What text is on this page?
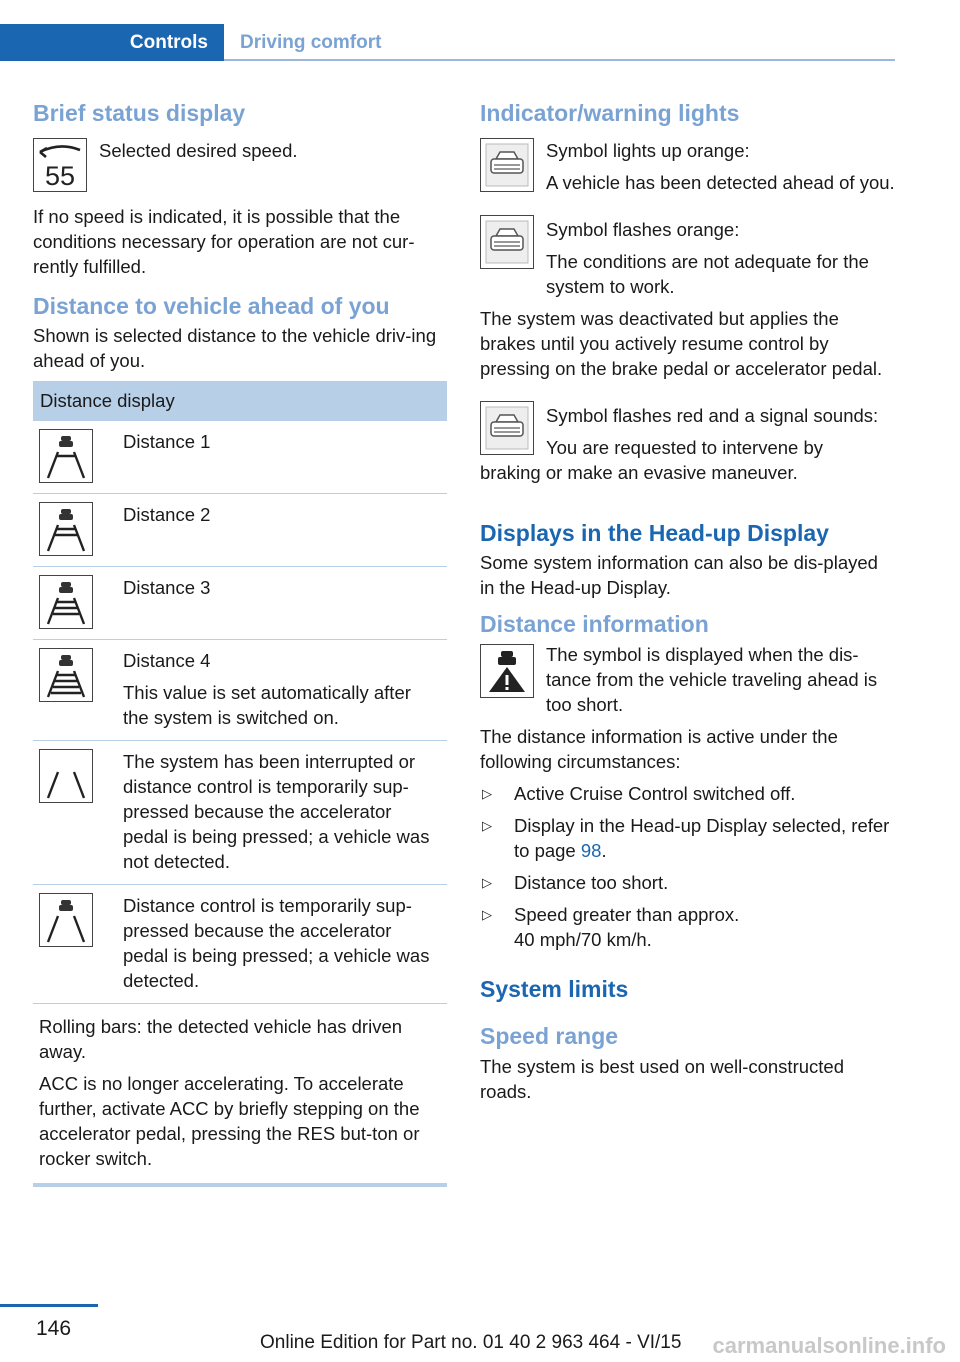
Controls	Driving comfort
Brief status display
55

Selected desired speed.

If no speed is indicated, it is possible that the conditions necessary for operation are not cur-rently fulfilled.

Distance to vehicle ahead of you

Shown is selected distance to the vehicle driv-ing ahead of you.

Distance display	

	Distance 1

	Distance 2

	Distance 3

Distance 4
This value is set automatically after the system is switched on.

	The system has been interrupted or distance control is temporarily sup-pressed because the accelerator pedal is being pressed; a vehicle was not detected.

	Distance control is temporarily sup-pressed because the accelerator pedal is being pressed; a vehicle was detected.

Rolling bars: the detected vehicle has driven away.
ACC is no longer accelerating. To accelerate further, activate ACC by briefly stepping on the accelerator pedal, pressing the RES but-ton or rocker switch.	
Indicator/warning lights

Symbol lights up orange:

A vehicle has been detected ahead of you.

Symbol flashes orange:

The conditions are not adequate for the system to work.

The system was deactivated but applies the brakes until you actively resume control by pressing on the brake pedal or accelerator pedal.

Symbol flashes red and a signal sounds:

You are requested to intervene by

braking or make an evasive maneuver.

Displays in the Head-up Display

Some system information can also be dis-played in the Head-up Display.

Distance information

The symbol is displayed when the dis-tance from the vehicle traveling ahead is too short.

The distance information is active under the following circumstances:

▷ Active Cruise Control switched off.
▷ Display in the Head-up Display selected, refer to page 98.
▷ Distance too short.
▷ Speed greater than approx.
40 mph/70 km/h.
System limits
Speed range

The system is best used on well-constructed roads.

146
Online Edition for Part no. 01 40 2 963 464 - VI/15 carmanualsonline.info
